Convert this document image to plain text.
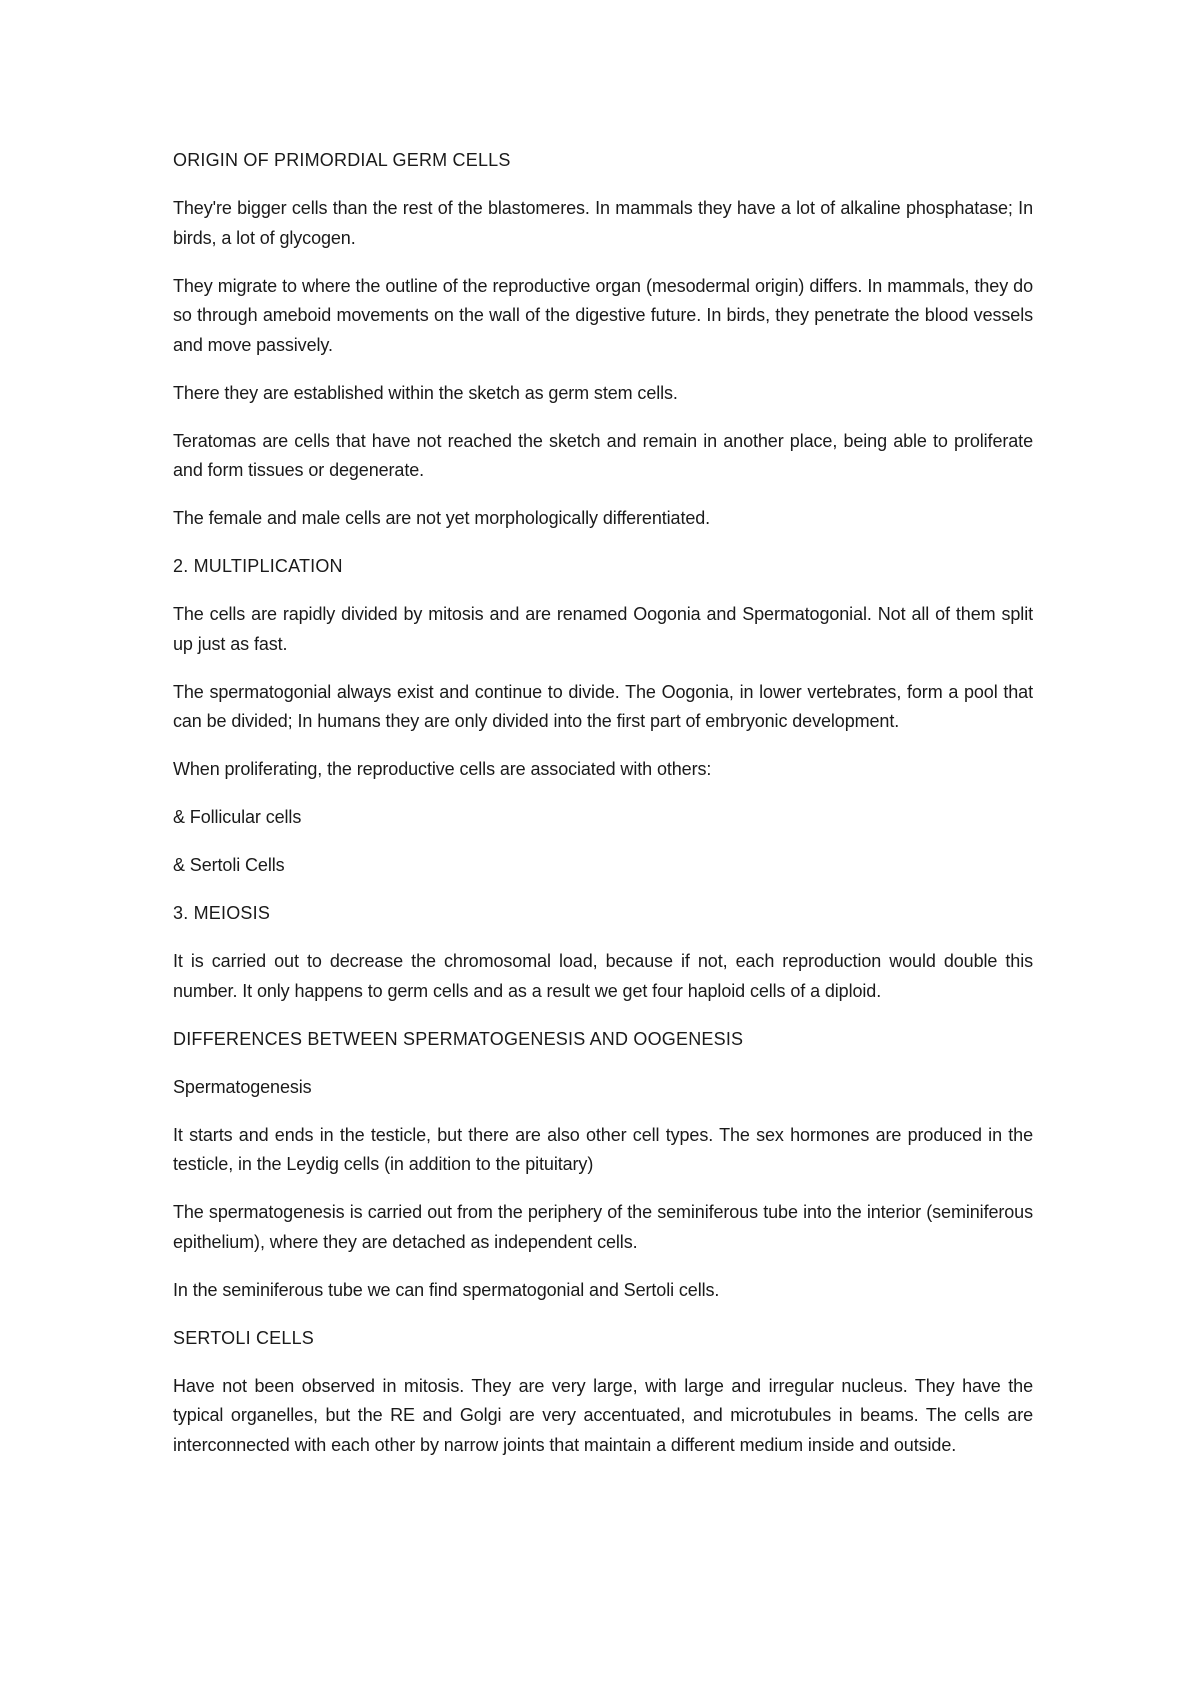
ORIGIN OF PRIMORDIAL GERM CELLS

They're bigger cells than the rest of the blastomeres. In mammals they have a lot of alkaline phosphatase; In birds, a lot of glycogen.

They migrate to where the outline of the reproductive organ (mesodermal origin) differs. In mammals, they do so through ameboid movements on the wall of the digestive future. In birds, they penetrate the blood vessels and move passively.

There they are established within the sketch as germ stem cells.

Teratomas are cells that have not reached the sketch and remain in another place, being able to proliferate and form tissues or degenerate.

The female and male cells are not yet morphologically differentiated.

2. MULTIPLICATION

The cells are rapidly divided by mitosis and are renamed Oogonia and Spermatogonial. Not all of them split up just as fast.

The spermatogonial always exist and continue to divide. The Oogonia, in lower vertebrates, form a pool that can be divided; In humans they are only divided into the first part of embryonic development.

When proliferating, the reproductive cells are associated with others:

& Follicular cells

& Sertoli Cells

3. MEIOSIS

It is carried out to decrease the chromosomal load, because if not, each reproduction would double this number. It only happens to germ cells and as a result we get four haploid cells of a diploid.

DIFFERENCES BETWEEN SPERMATOGENESIS AND OOGENESIS

Spermatogenesis

It starts and ends in the testicle, but there are also other cell types. The sex hormones are produced in the testicle, in the Leydig cells (in addition to the pituitary)

The spermatogenesis is carried out from the periphery of the seminiferous tube into the interior (seminiferous epithelium), where they are detached as independent cells.

In the seminiferous tube we can find spermatogonial and Sertoli cells.

SERTOLI CELLS

Have not been observed in mitosis. They are very large, with large and irregular nucleus. They have the typical organelles, but the RE and Golgi are very accentuated, and microtubules in beams. The cells are interconnected with each other by narrow joints that maintain a different medium inside and outside.
